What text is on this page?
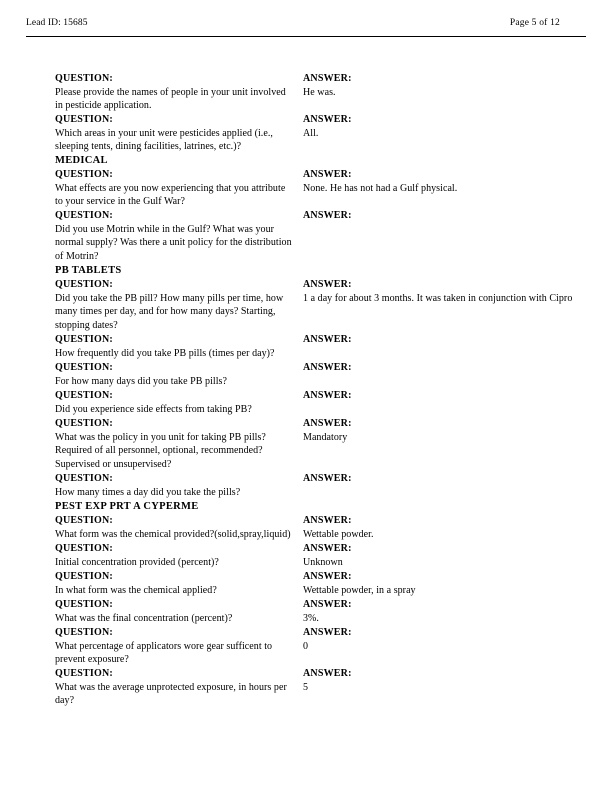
Lead ID: 15685	Page 5 of 12
QUESTION:
Please provide the names of people in your unit involved in pesticide application.
ANSWER:
He was.
QUESTION:
Which areas in your unit were pesticides applied (i.e., sleeping tents, dining facilities, latrines, etc.)?
ANSWER:
All.
MEDICAL
QUESTION:
What effects are you now experiencing that you attribute to your service in the Gulf War?
ANSWER:
None. He has not had a Gulf physical.
QUESTION:
Did you use Motrin while in the Gulf? What was your normal supply? Was there a unit policy for the distribution of Motrin?
ANSWER:
PB TABLETS
QUESTION:
Did you take the PB pill? How many pills per time, how many times per day, and for how many days? Starting, stopping dates?
ANSWER:
1 a day for about 3 months. It was taken in conjunction with Cipro
QUESTION:
How frequently did you take PB pills (times per day)?
ANSWER:
QUESTION:
For how many days did you take PB pills?
ANSWER:
QUESTION:
Did you experience side effects from taking PB?
ANSWER:
QUESTION:
What was the policy in you unit for taking PB pills? Required of all personnel, optional, recommended? Supervised or unsupervised?
ANSWER:
Mandatory
QUESTION:
How many times a day did you take the pills?
ANSWER:
PEST EXP PRT A CYPERME
QUESTION:
What form was the chemical provided?(solid,spray,liquid)
ANSWER:
Wettable powder.
QUESTION:
Initial concentration provided (percent)?
ANSWER:
Unknown
QUESTION:
In what form was the chemical applied?
ANSWER:
Wettable powder, in a spray
QUESTION:
What was the final concentration (percent)?
ANSWER:
3%.
QUESTION:
What percentage of applicators wore gear sufficent to prevent exposure?
ANSWER:
0
QUESTION:
What was the average unprotected exposure, in hours per day?
ANSWER:
5
